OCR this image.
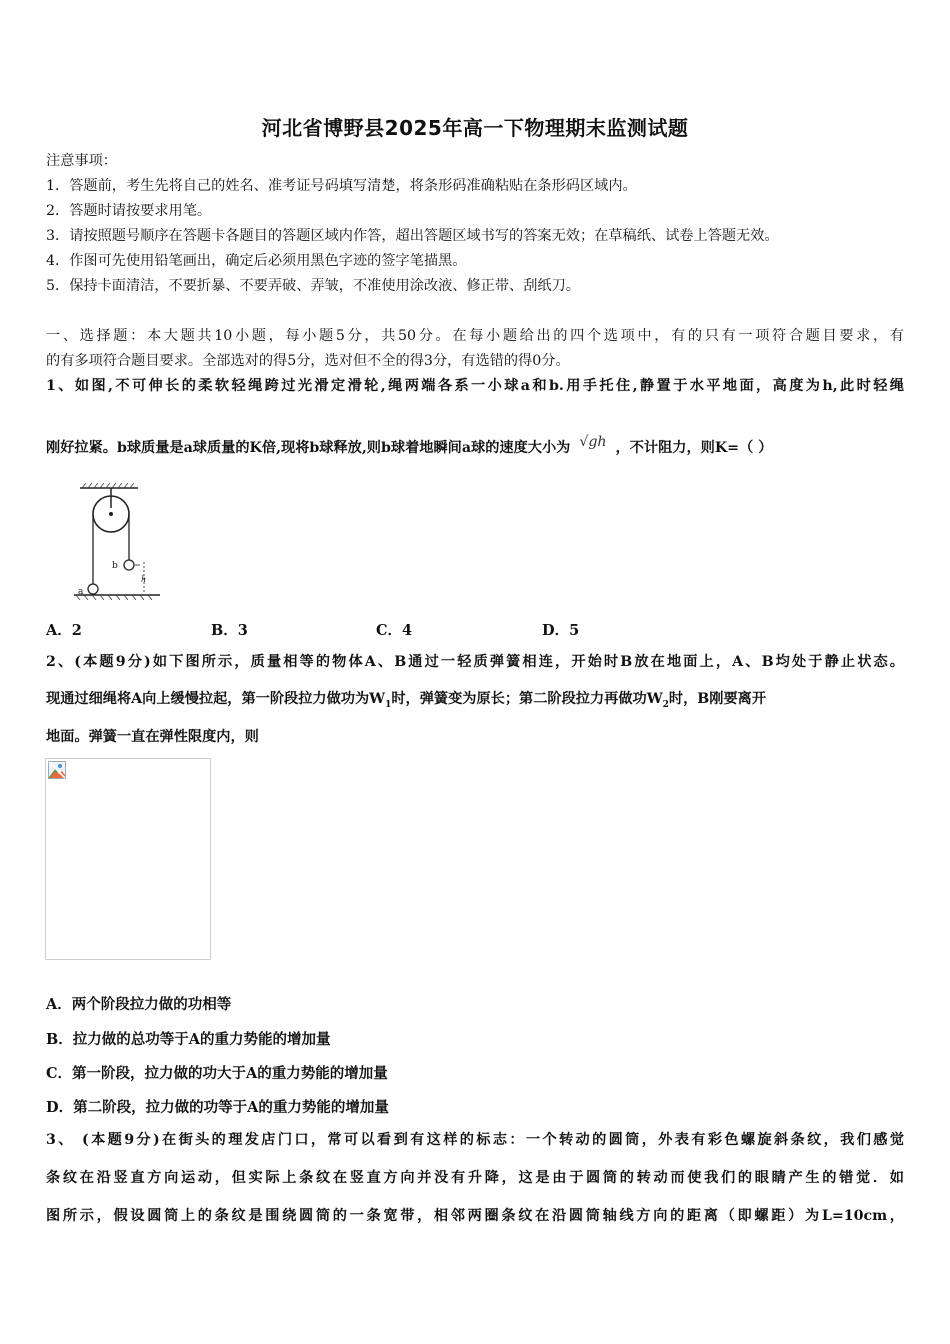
河北省博野县2025年高一下物理期末监测试题
注意事项：
1．答题前，考生先将自己的姓名、准考证号码填写清楚，将条形码准确粘贴在条形码区域内。
2．答题时请按要求用笔。
3．请按照题号顺序在答题卡各题目的答题区域内作答，超出答题区域书写的答案无效；在草稿纸、试卷上答题无效。
4．作图可先使用铅笔画出，确定后必须用黑色字迹的签字笔描黑。
5．保持卡面清洁，不要折暴、不要弄破、弄皱，不准使用涂改液、修正带、刮纸刀。
一、选择题：本大题共10小题，每小题5分，共50分。在每小题给出的四个选项中，有的只有一项符合题目要求，有
的有多项符合题目要求。全部选对的得5分，选对但不全的得3分，有选错的得0分。
1、如图,不可伸长的柔软轻绳跨过光滑定滑轮,绳两端各系一小球a和b.用手托住,静置于水平地面，高度为h,此时轻绳
刚好拉紧。b球质量是a球质量的K倍,现将b球释放,则b球着地瞬间a球的速度大小为 √gh ，不计阻力，则K=（ ）
b
h
a
A．2	B．3	C．4	D．5
2、(本题9分)如下图所示，质量相等的物体A、B通过一轻质弹簧相连，开始时B放在地面上，A、B均处于静止状态。
现通过细绳将A向上缓慢拉起，第一阶段拉力做功为$W_1$时，弹簧变为原长；第二阶段拉力再做功$W_2$时，B刚要离开
地面。弹簧一直在弹性限度内，则
A．两个阶段拉力做的功相等
B．拉力做的总功等于A的重力势能的增加量
C．第一阶段，拉力做的功大于A的重力势能的增加量
D．第二阶段，拉力做的功等于A的重力势能的增加量
3、 (本题9分)在街头的理发店门口，常可以看到有这样的标志：一个转动的圆筒，外表有彩色螺旋斜条纹，我们感觉
条纹在沿竖直方向运动，但实际上条纹在竖直方向并没有升降，这是由于圆筒的转动而使我们的眼睛产生的错觉．如
图所示，假设圆筒上的条纹是围绕圆筒的一条宽带，相邻两圈条纹在沿圆筒轴线方向的距离（即螺距）为L=10cm，
